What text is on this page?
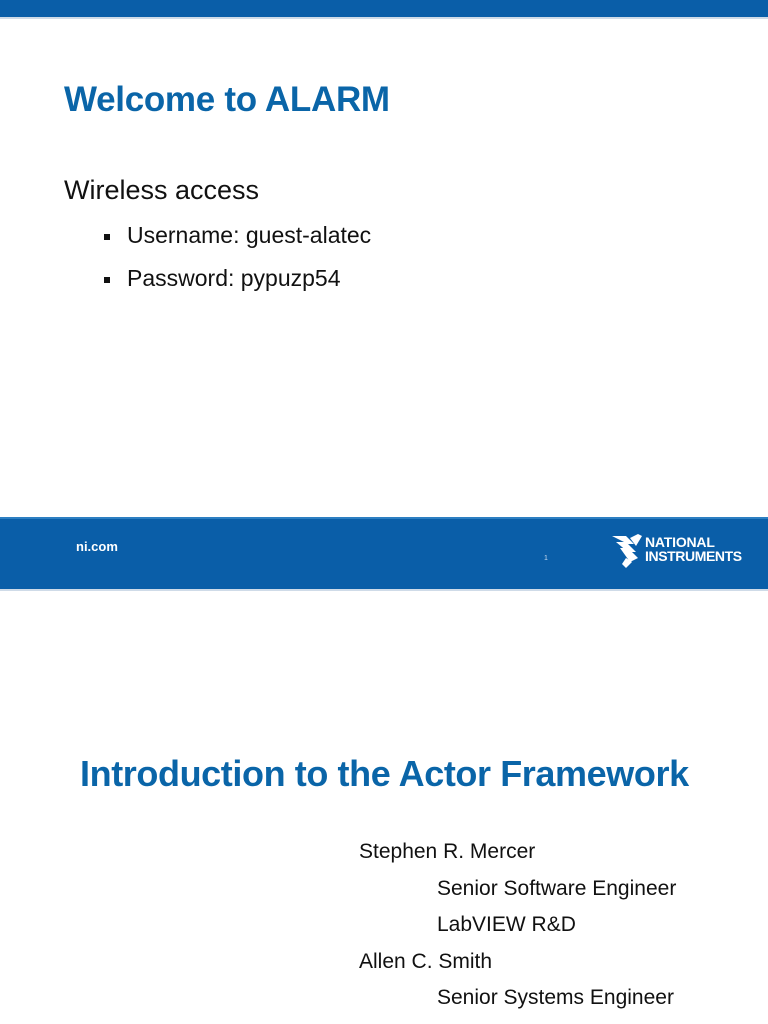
Welcome to ALARM
Wireless access
Username: guest-alatec
Password: pypuzp54
ni.com
1
NATIONAL
INSTRUMENTS
Introduction to the Actor Framework
Stephen R. Mercer
Senior Software Engineer
LabVIEW R&D
Allen C. Smith
Senior Systems Engineer
